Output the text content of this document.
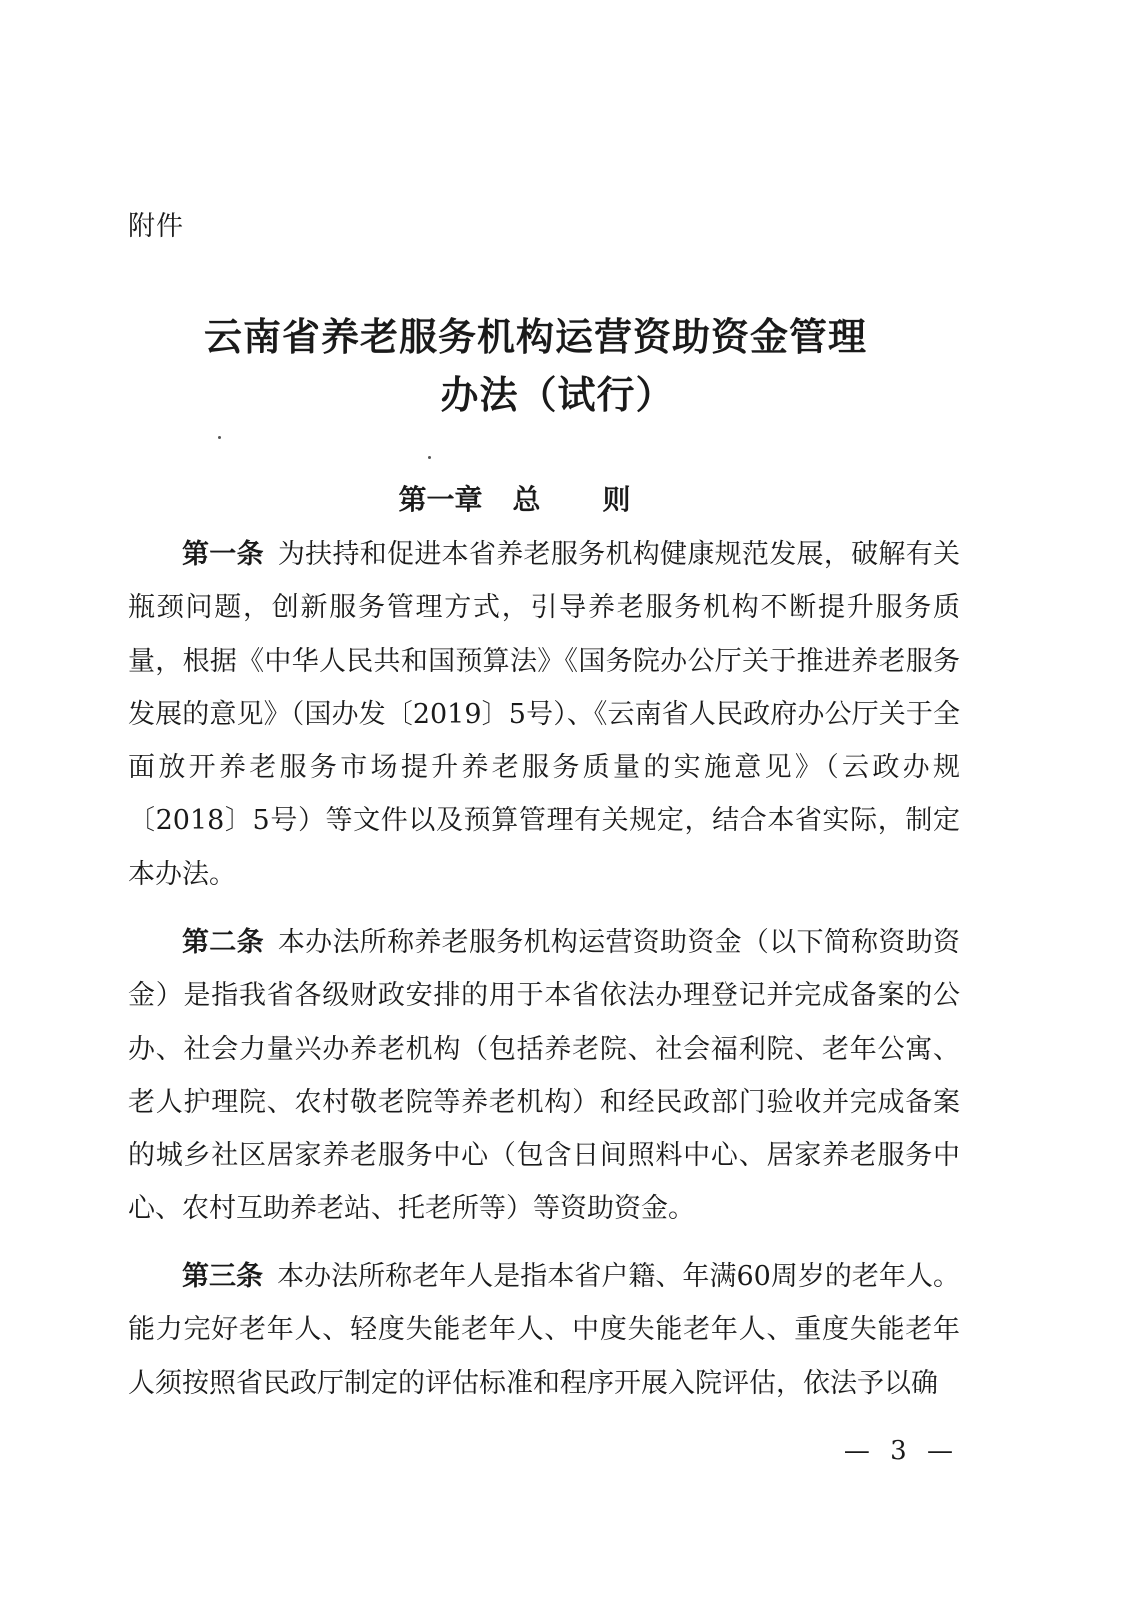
附件
云南省养老服务机构运营资助资金管理
办法（试行）
第一章 总则

第一条 为扶持和促进本省养老服务机构健康规范发展，破解有关瓶颈问题，创新服务管理方式，引导养老服务机构不断提升服务质量，根据《中华人民共和国预算法》《国务院办公厅关于推进养老服务发展的意见》（国办发〔2019〕5号）、《云南省人民政府办公厅关于全面放开养老服务市场提升养老服务质量的实施意见》（云政办规〔2018〕5号）等文件以及预算管理有关规定，结合本省实际，制定本办法。

第二条 本办法所称养老服务机构运营资助资金（以下简称资助资金）是指我省各级财政安排的用于本省依法办理登记并完成备案的公办、社会力量兴办养老机构（包括养老院、社会福利院、老年公寓、老人护理院、农村敬老院等养老机构）和经民政部门验收并完成备案的城乡社区居家养老服务中心（包含日间照料中心、居家养老服务中心、农村互助养老站、托老所等）等资助资金。

第三条 本办法所称老年人是指本省户籍、年满60周岁的老年人。能力完好老年人、轻度失能老年人、中度失能老年人、重度失能老年人须按照省民政厅制定的评估标准和程序开展入院评估，依法予以确

— 3 —
